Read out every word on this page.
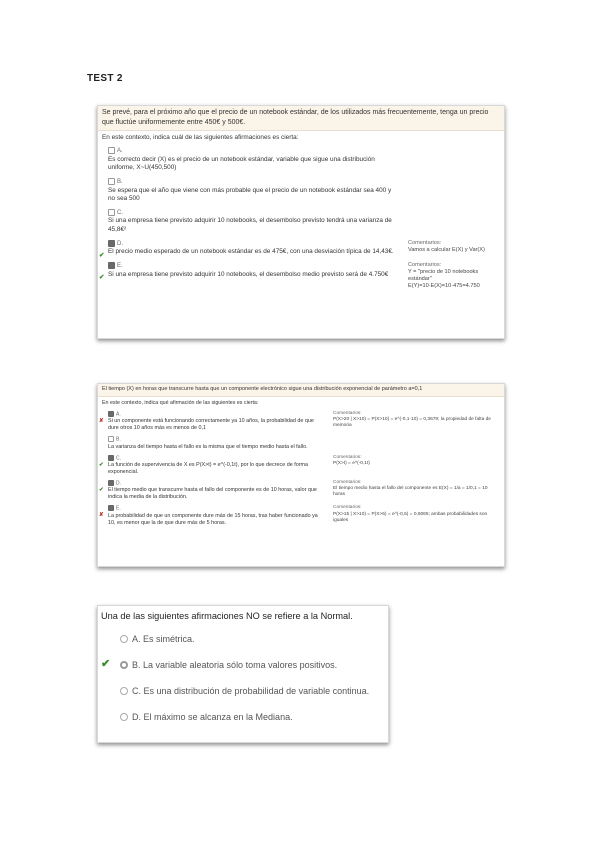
TEST 2
Se prevé, para el próximo año que el precio de un notebook estándar, de los utilizados más frecuentemente, tenga un precio que fluctúe uniformemente entre 450€ y 500€.
En este contexto, indica cuál de las siguientes afirmaciones es cierta:
A.
Es correcto decir (X) es el precio de un notebook estándar, variable que sigue una distribución uniforme, X~U(450,500)
B.
Se espera que el año que viene con más probable que el precio de un notebook estándar sea 400 y no sea 500
C.
Si una empresa tiene previsto adquirir 10 notebooks, el desembolso previsto tendrá una varianza de 45,8€²
✔
D.
El precio medio esperado de un notebook estándar es de 475€, con una desviación típica de 14,43€.
Comentarios:
Vamos a calcular E(X) y Var(X)
✔
E.
Si una empresa tiene previsto adquirir 10 notebooks, el desembolso medio previsto será de 4.750€
Comentarios:
Y = "precio de 10 notebooks estándar" E(Y)=10·E(X)=10·475=4.750
El tiempo (X) en horas que transcurre hasta que un componente electrónico sigue una distribución exponencial de parámetro a=0,1
En este contexto, indica qué afirmación de las siguientes es cierta:
✘
A.
Si un componente está funcionando correctamente ya 10 años, la probabilidad de que dure otros 10 años más es menos de 0,1
Comentarios:
P(X>20 | X>10) = P(X>10) = e^(-0,1·10) = 0,3679; la propiedad de falta de memoria
B.
La varianza del tiempo hasta el fallo es la misma que el tiempo medio hasta el fallo.
✔
C.
La función de supervivencia de X es P(X>t) = e^(-0,1t), por lo que decrece de forma exponencial.
Comentarios:
P(X>t) = e^(-0,1t)
✔
D.
El tiempo medio que transcurre hasta el fallo del componente es de 10 horas, valor que indica la media de la distribución.
Comentarios:
El tiempo medio hasta el fallo del componente es E(X) = 1/a = 1/0,1 = 10 horas
✘
E.
La probabilidad de que un componente dure más de 15 horas, tras haber funcionado ya 10, es menor que la de que dure más de 5 horas.
Comentarios:
P(X>15 | X>10) = P(X>5) = e^(-0,5) = 0,6065; ambas probabilidades son iguales
Una de las siguientes afirmaciones NO se refiere a la Normal.
A. Es simétrica.
✔ B. La variable aleatoria sólo toma valores positivos.
C. Es una distribución de probabilidad de variable continua.
D. El máximo se alcanza en la Mediana.
